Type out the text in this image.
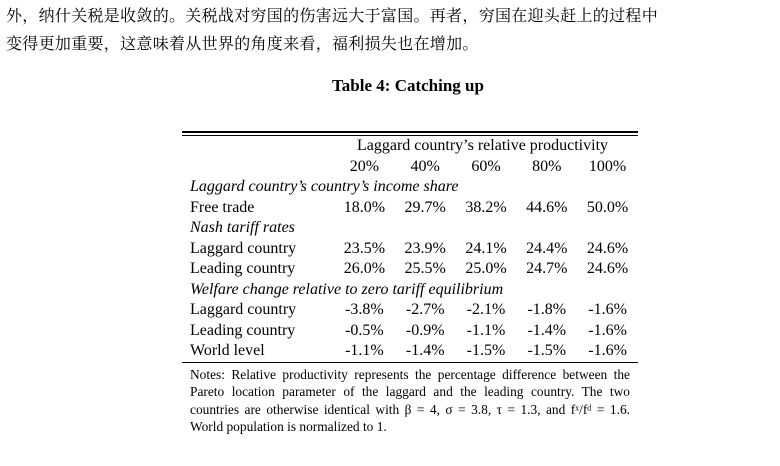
外，纳什关税是收敛的。关税战对穷国的伤害远大于富国。再者，穷国在迎头赶上的过程中

变得更加重要，这意味着从世界的角度来看，福利损失也在增加。

Table 4: Catching up
Laggard country’s relative productivity					
	20%	40%	60%	80%	100%
Laggard country’s country’s income share					
Free trade	18.0%	29.7%	38.2%	44.6%	50.0%
Nash tariff rates					
Laggard country	23.5%	23.9%	24.1%	24.4%	24.6%
Leading country	26.0%	25.5%	25.0%	24.7%	24.6%
Welfare change relative to zero tariff equilibrium					
Laggard country	-3.8%	-2.7%	-2.1%	-1.8%	-1.6%
Leading country	-0.5%	-0.9%	-1.1%	-1.4%	-1.6%
World level	-1.1%	-1.4%	-1.5%	-1.5%	-1.6%
Notes: Relative productivity represents the percentage difference between the Pareto location parameter of the laggard and the leading country. The two countries are otherwise identical with β = 4, σ = 3.8, τ = 1.3, and fˣ/fᵈ = 1.6. World population is normalized to 1.
